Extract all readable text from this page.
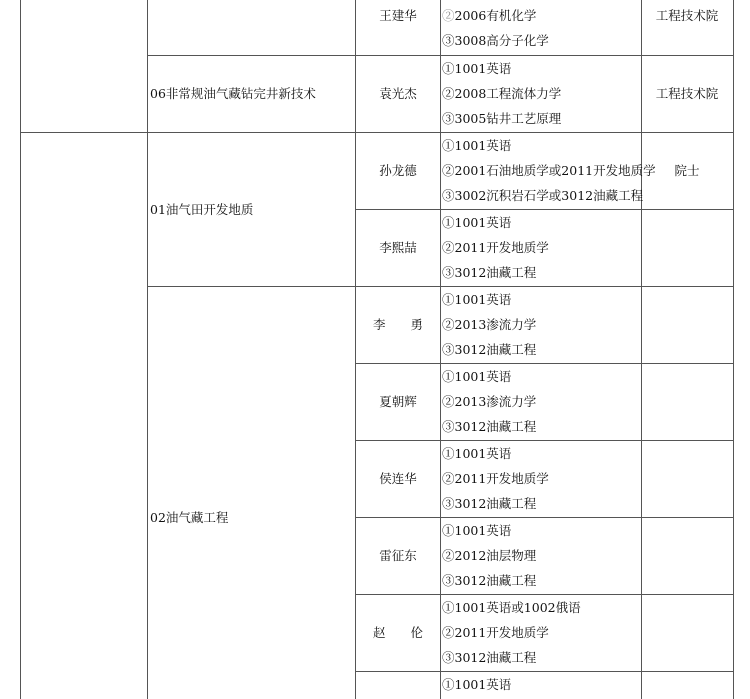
王建华	②2006有机化学
③3008高分子化学
工程技术院
06非常规油气藏钻完井新技术	袁光杰
①1001英语
②2008工程流体力学
③3005钻井工艺原理
工程技术院
01油气田开发地质
孙龙德
①1001英语
②2001石油地质学或2011开发地质学
③3002沉积岩石学或3012油藏工程
院士
李熙喆
①1001英语
②2011开发地质学
③3012油藏工程
02油气藏工程
李　　勇
①1001英语
②2013渗流力学
③3012油藏工程
夏朝辉
①1001英语
②2013渗流力学
③3012油藏工程
侯连华
①1001英语
②2011开发地质学
③3012油藏工程
雷征东
①1001英语
②2012油层物理
③3012油藏工程
赵　　伦
①1001英语或1002俄语
②2011开发地质学
③3012油藏工程
①1001英语
